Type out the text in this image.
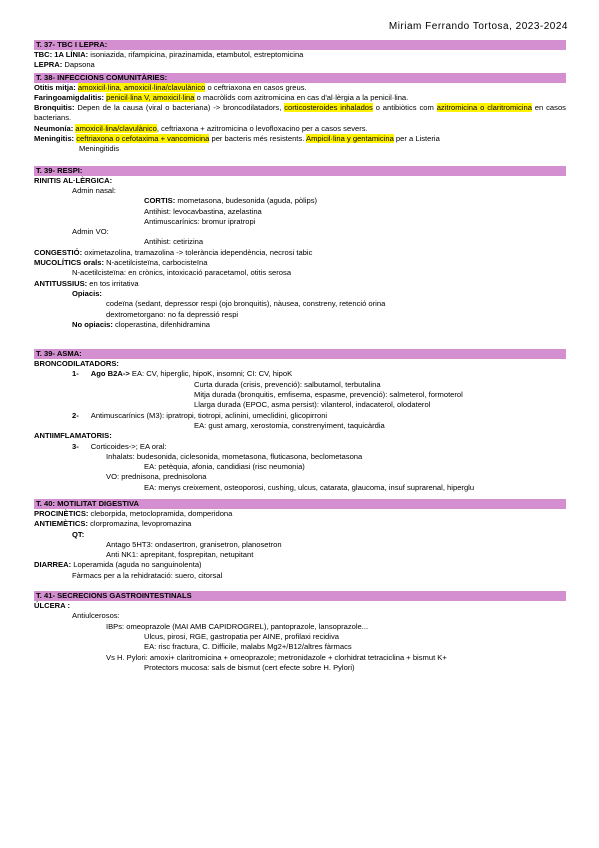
Miriam Ferrando Tortosa, 2023-2024
T. 37- TBC I LEPRA:
TBC: 1A LÍNIA: isoniazida, rifampicina, pirazinamida, etambutol, estreptomicina
LEPRA: Dapsona
T. 38- INFECCIONS COMUNITÀRIES:
Otitis mitja: amoxicil·lina, amoxicil·lina/clavulànico o ceftriaxona en casos greus.
Faringoamigdalitis: penicil·lina V, amoxicil·lina o macròlids com azitromicina en cas d'al·lèrgia a la penicil·lina.
Bronquitis: Depen de la causa (viral o bacteriana) -> broncodilatadors, corticosteroides inhalados o antibiòtics com azitromicina o claritromicina en casos bacterians.
Neumonía: amoxicil·lina/clavulànico, ceftriaxona + azitromicina o levofloxacino per a casos severs.
Meningitis: ceftriaxona o cefotaxima + vancomicina per bacteris més resistents. Ampicil·lina y gentamicina per a Listeria
Meningitidis
T. 39- RESPI:
RINITIS AL·LÈRGICA:
Admin nasal:
CORTIS: mometasona, budesonida (aguda, pòlips)
Antihist: levocavbastina, azelastina
Antimuscarínics: bromur ipratropi
Admin VO:
Antihist: cetirizina
CONGESTIÓ: oximetazolina, tramazolina -> tolerància idependència, necrosi tabic
MUCOLÍTICS orals: N-acetilcisteïna, carbocisteïna
N-acetilcisteïna: en crònics, intoxicació paracetamol, otitis serosa
ANTITUSSIUS: en tos irritativa
Opiacis:
codeïna (sedant, depressor respi (ojo bronquitis), nàusea, constreny, retenció orina
dextrometorgano: no fa depressió respi
No opiacis: cloperastina, difenhidramina
T. 39- ASMA:
BRONCODILATADORS:
1- Ago B2A-> EA: CV, hiperglic, hipoK, insomni; CI: CV, hipoK
Curta durada (crisis, prevenció): salbutamol, terbutalina
Mitja durada (bronquitis, emfisema, espasme, prevenció): salmeterol, formoterol
Llarga durada (EPOC, asma persist): vilanterol, indacaterol, olodaterol
2- Antimuscarínics (M3): ipratropi, tiotropi, aclinini, umeclidini, glicopirroni
EA: gust amarg, xerostomia, constrenyiment, taquicàrdia
ANTIIMFLAMATORIS:
3- Corticoides->; EA oral:
Inhalats: budesonida, ciclesonida, mometasona, fluticasona, beclometasona
EA: petèquia, afonia, candidiasi (risc neumonia)
VO: prednisona, prednisolona
EA: menys creixement, osteoporosi, cushing, ulcus, catarata, glaucoma, insuf suprarenal, hiperglu
T. 40: MOTILITAT DIGESTIVA
PROCINÈTICS: cleborpida, metoclopramida, domperidona
ANTIEMÈTICS: clorpromazina, levopromazina
QT:
Antago 5HT3: ondasertron, granisetron, planosetron
Anti NK1: aprepitant, fosprepitan, netupitant
DIARREA: Loperamida (aguda no sanguinolenta)
Fàrmacs per a la rehidratació: suero, citorsal
T. 41- SECRECIONS GASTROINTESTINALS
ÚLCERA :
Antiulcerosos:
IBPs: omeoprazole (MAI AMB CAPIDROGREL), pantoprazole, lansoprazole...
Ulcus, pirosi, RGE, gastropatia per AINE, profilaxi recidiva
EA: risc fractura, C. Difficile, malabs Mg2+/B12/altres fàrmacs
Vs H. Pylori: amoxi+ claritromicina + omeoprazole; metronidazole + clorhidrat tetraciclina + bismut K+
Protectors mucosa: sals de bismut (cert efecte sobre H. Pylori)
